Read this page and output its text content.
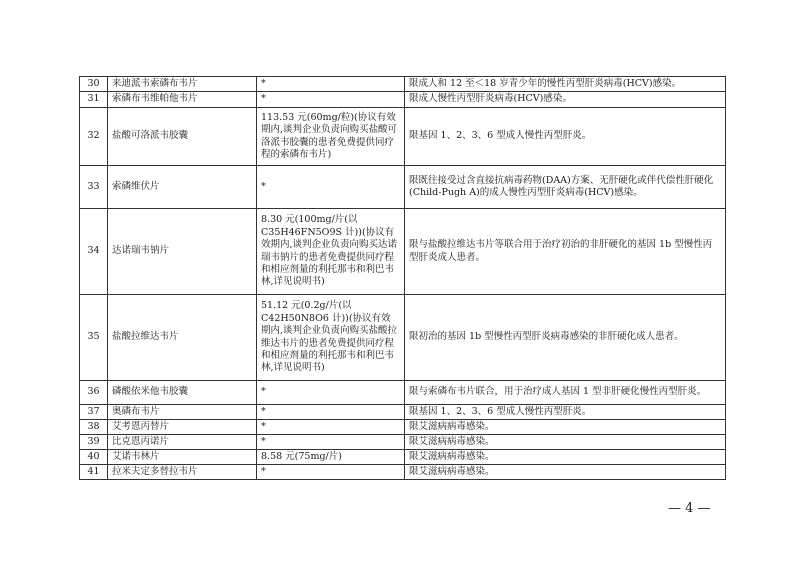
30	来迪派韦索磷布韦片	*	限成人和 12 至＜18 岁青少年的慢性丙型肝炎病毒(HCV)感染。
31	索磷布韦维帕他韦片	*	限成人慢性丙型肝炎病毒(HCV)感染。
32	盐酸可洛派韦胶囊	113.53 元(60mg/粒)(协议有效期内,谈判企业负责向购买盐酸可洛派韦胶囊的患者免费提供同疗程的索磷布韦片)	限基因 1、2、3、6 型成人慢性丙型肝炎。
33	索磷维伏片	*	限既往接受过含直接抗病毒药物(DAA)方案、无肝硬化或伴代偿性肝硬化(Child-Pugh A)的成人慢性丙型肝炎病毒(HCV)感染。
34	达诺瑞韦钠片	8.30 元(100mg/片(以C35H46FN5O9S 计))(协议有效期内,谈判企业负责向购买达诺瑞韦钠片的患者免费提供同疗程和相应剂量的利托那韦和利巴韦林,详见说明书)	限与盐酸拉维达韦片等联合用于治疗初治的非肝硬化的基因 1b 型慢性丙型肝炎成人患者。
35	盐酸拉维达韦片	51.12 元(0.2g/片(以C42H50N8O6 计))(协议有效期内,谈判企业负责向购买盐酸拉维达韦片的患者免费提供同疗程和相应剂量的利托那韦和利巴韦林,详见说明书)	限初治的基因 1b 型慢性丙型肝炎病毒感染的非肝硬化成人患者。
36	磷酸依米他韦胶囊	*	限与索磷布韦片联合，用于治疗成人基因 1 型非肝硬化慢性丙型肝炎。
37	奥磷布韦片	*	限基因 1、2、3、6 型成人慢性丙型肝炎。
38	艾考恩丙替片	*	限艾滋病病毒感染。
39	比克恩丙诺片	*	限艾滋病病毒感染。
40	艾诺韦林片	8.58 元(75mg/片)	限艾滋病病毒感染。
41	拉米夫定多替拉韦片	*	限艾滋病病毒感染。
— 4 —
